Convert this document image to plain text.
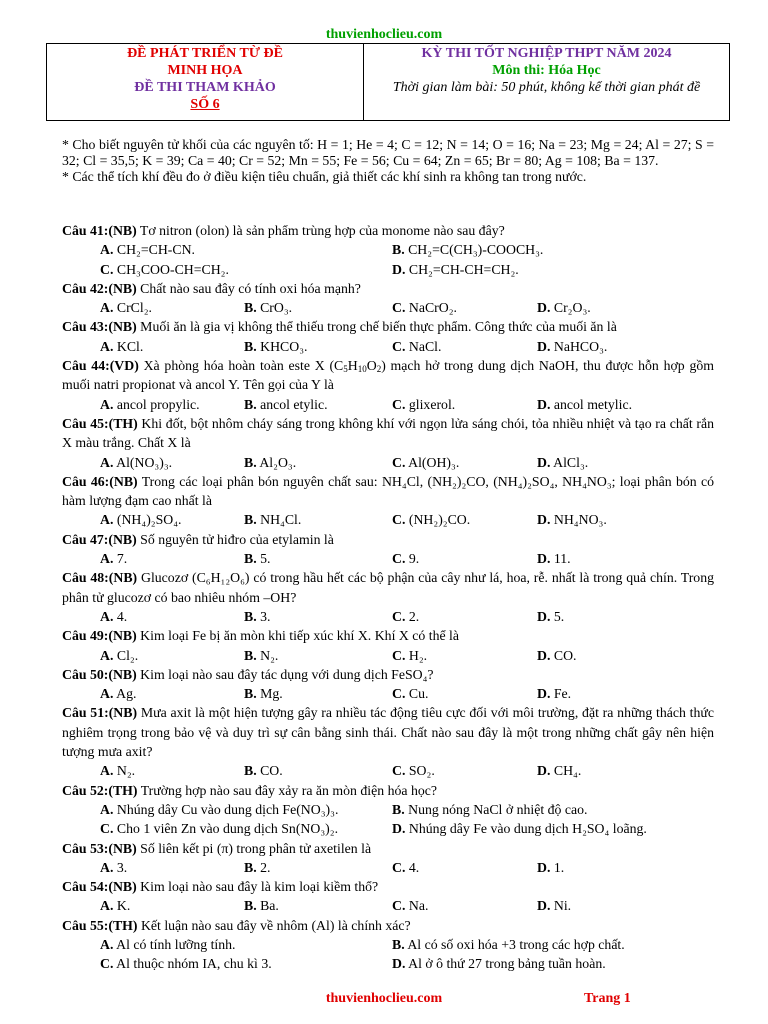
thuvienhoclieu.com
ĐỀ PHÁT TRIỂN TỪ ĐỀ
MINH HỌA
ĐỀ THI THAM KHẢO
SỐ 6
KỲ THI TỐT NGHIỆP THPT NĂM 2024
Môn thi: Hóa Học
Thời gian làm bài: 50 phút, không kể thời gian phát đề
* Cho biết nguyên tử khối của các nguyên tố: H = 1; He = 4; C = 12; N = 14; O = 16; Na = 23; Mg = 24; Al = 27; S = 32; Cl = 35,5; K = 39; Ca = 40; Cr = 52; Mn = 55; Fe = 56; Cu = 64; Zn = 65; Br = 80; Ag = 108; Ba = 137.
* Các thể tích khí đều đo ở điều kiện tiêu chuẩn, giả thiết các khí sinh ra không tan trong nước.
Câu 41:(NB) Tơ nitron (olon) là sản phẩm trùng hợp của monome nào sau đây?
A. CH₂=CH-CN.	B. CH₂=C(CH₃)-COOCH₃.
C. CH₃COO-CH=CH₂.	D. CH₂=CH-CH=CH₂.
Câu 42:(NB) Chất nào sau đây có tính oxi hóa mạnh?
A. CrCl₂.	B. CrO₃.	C. NaCrO₂.	D. Cr₂O₃.
Câu 43:(NB) Muối ăn là gia vị không thể thiếu trong chế biến thực phẩm. Công thức của muối ăn là
A. KCl.	B. KHCO₃.	C. NaCl.	D. NaHCO₃.
Câu 44:(VD) Xà phòng hóa hoàn toàn este X $(C_5H_{10}O_2)$ mạch hở trong dung dịch NaOH, thu được hỗn hợp gồm muối natri propionat và ancol Y. Tên gọi của Y là
A. ancol propylic.	B. ancol etylic.	C. glixerol.	D. ancol metylic.
Câu 45:(TH) Khi đốt, bột nhôm cháy sáng trong không khí với ngọn lửa sáng chói, tỏa nhiều nhiệt và tạo ra chất rắn X màu trắng. Chất X là
A. Al(NO₃)₃.	B. Al₂O₃.	C. Al(OH)₃.	D. AlCl₃.
Câu 46:(NB) Trong các loại phân bón nguyên chất sau: NH₄Cl, (NH₂)₂CO, (NH₄)₂SO₄, NH₄NO₃; loại phân bón có hàm lượng đạm cao nhất là
A. (NH₄)₂SO₄.	B. NH₄Cl.	C. (NH₂)₂CO.	D. NH₄NO₃.
Câu 47:(NB) Số nguyên tử hiđro của etylamin là
A. 7.	B. 5.	C. 9.	D. 11.
Câu 48:(NB) Glucozơ (C₆H₁₂O₆) có trong hầu hết các bộ phận của cây như lá, hoa, rễ. nhất là trong quả chín. Trong phân tử glucozơ có bao nhiêu nhóm –OH?
A. 4.	B. 3.	C. 2.	D. 5.
Câu 49:(NB) Kim loại Fe bị ăn mòn khi tiếp xúc khí X. Khí X có thể là
A. Cl₂.	B. N₂.	C. H₂.	D. CO.
Câu 50:(NB) Kim loại nào sau đây tác dụng với dung dịch FeSO₄?
A. Ag.	B. Mg.	C. Cu.	D. Fe.
Câu 51:(NB) Mưa axit là một hiện tượng gây ra nhiều tác động tiêu cực đối với môi trường, đặt ra những thách thức nghiêm trọng trong bảo vệ và duy trì sự cân bằng sinh thái. Chất nào sau đây là một trong những chất gây nên hiện tượng mưa axit?
A. N₂.	B. CO.	C. SO₂.	D. CH₄.
Câu 52:(TH) Trường hợp nào sau đây xảy ra ăn mòn điện hóa học?
A. Nhúng dây Cu vào dung dịch Fe(NO₃)₃.	B. Nung nóng NaCl ở nhiệt độ cao.
C. Cho 1 viên Zn vào dung dịch Sn(NO₃)₂.	D. Nhúng dây Fe vào dung dịch H₂SO₄ loãng.
Câu 53:(NB) Số liên kết pi (π) trong phân tử axetilen là
A. 3.	B. 2.	C. 4.	D. 1.
Câu 54:(NB) Kim loại nào sau đây là kim loại kiềm thổ?
A. K.	B. Ba.	C. Na.	D. Ni.
Câu 55:(TH) Kết luận nào sau đây về nhôm (Al) là chính xác?
A. Al có tính lưỡng tính.	B. Al có số oxi hóa +3 trong các hợp chất.
C. Al thuộc nhóm IA, chu kì 3.	D. Al ở ô thứ 27 trong bảng tuần hoàn.
thuvienhoclieu.com	Trang 1
